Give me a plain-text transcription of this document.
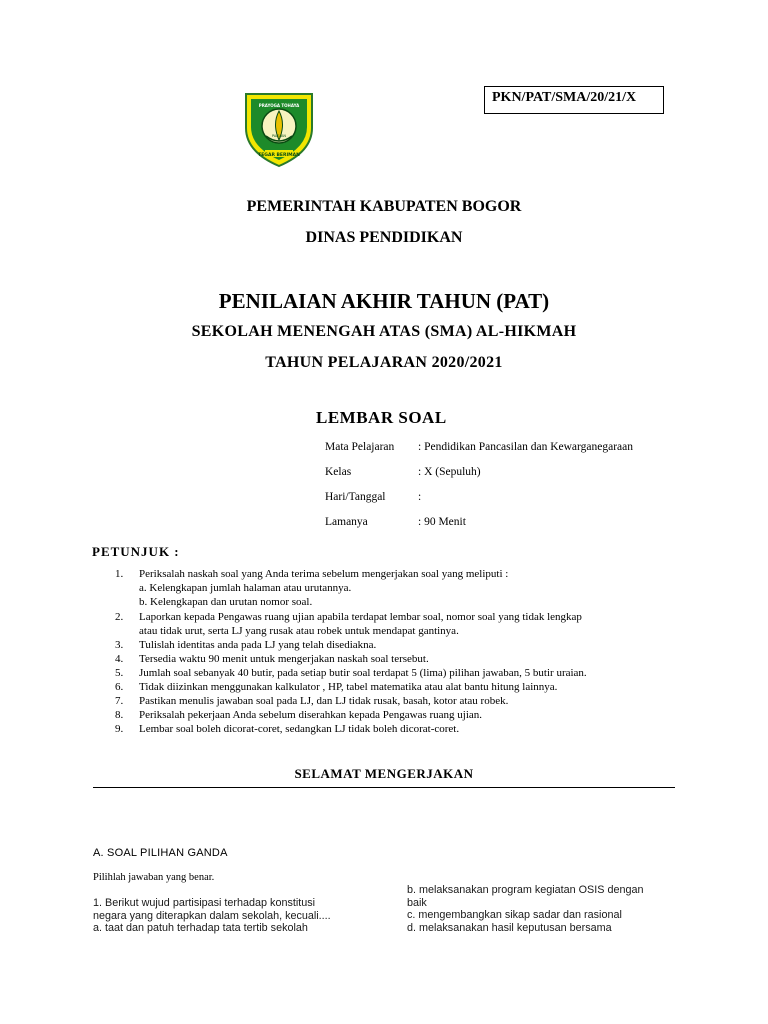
PKN/PAT/SMA/20/21/X
TEGAR BERIMAN
PRAYOGA TOHAYA
PAKUAN
PEMERINTAH KABUPATEN BOGOR
DINAS PENDIDIKAN
PENILAIAN AKHIR TAHUN (PAT)
SEKOLAH MENENGAH ATAS (SMA) AL-HIKMAH
TAHUN PELAJARAN 2020/2021
LEMBAR SOAL
Mata Pelajaran : Pendidikan Pancasilan dan Kewarganegaraan
Kelas	: X (Sepuluh)
Hari/Tanggal	:
Lamanya	: 90 Menit
PETUNJUK :
1. Periksalah naskah soal yang Anda terima sebelum mengerjakan soal yang meliputi :
a. Kelengkapan jumlah halaman atau urutannya.
b. Kelengkapan dan urutan nomor soal.
2. Laporkan kepada Pengawas ruang ujian apabila terdapat lembar soal, nomor soal yang tidak lengkap
atau tidak urut, serta LJ yang rusak atau robek untuk mendapat gantinya.
3. Tulislah identitas anda pada LJ yang telah disediakna.
4. Tersedia waktu 90 menit untuk mengerjakan naskah soal tersebut.
5. Jumlah soal sebanyak 40 butir, pada setiap butir soal terdapat 5 (lima) pilihan jawaban, 5 butir uraian.
6. Tidak diizinkan menggunakan kalkulator , HP, tabel matematika atau alat bantu hitung lainnya.
7. Pastikan menulis jawaban soal pada LJ, dan LJ tidak rusak, basah, kotor atau robek.
8. Periksalah pekerjaan Anda sebelum diserahkan kepada Pengawas ruang ujian.
9. Lembar soal boleh dicorat-coret, sedangkan LJ tidak boleh dicorat-coret.
SELAMAT MENGERJAKAN
A. SOAL PILIHAN GANDA
Pilihlah jawaban yang benar.
1. Berikut wujud partisipasi terhadap konstitusi
negara yang diterapkan dalam sekolah, kecuali....
a. taat dan patuh terhadap tata tertib sekolah
b. melaksanakan program kegiatan OSIS dengan
baik
c. mengembangkan sikap sadar dan rasional
d. melaksanakan hasil keputusan bersama
